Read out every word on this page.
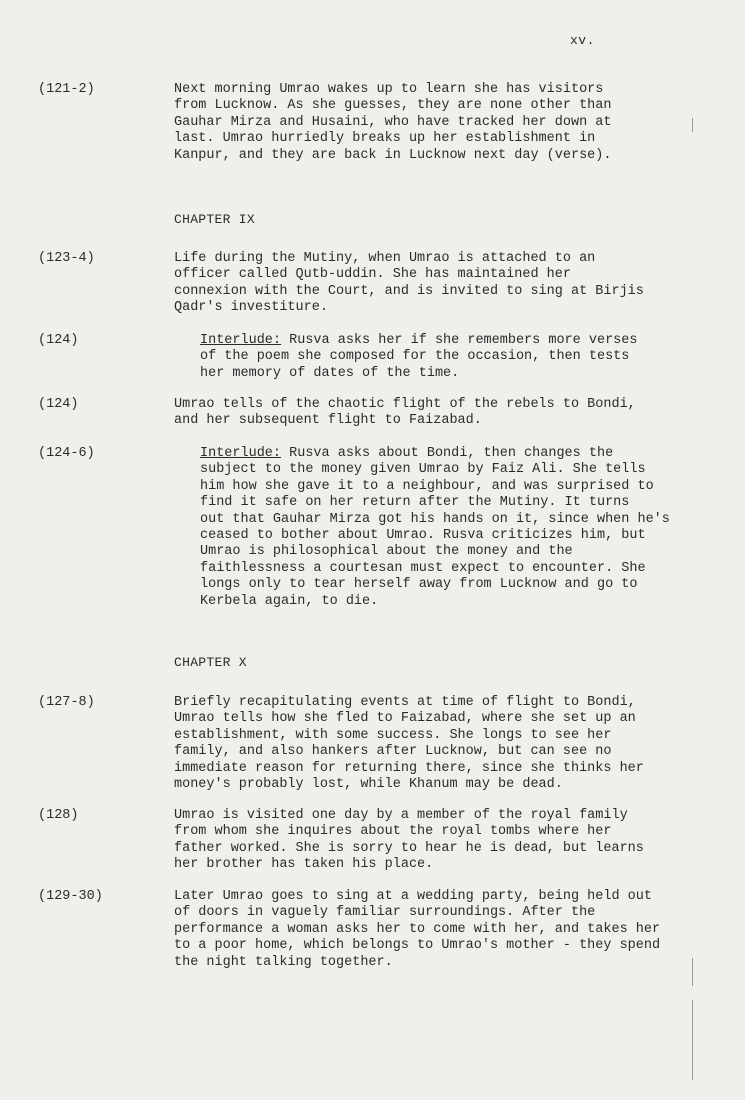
xv.
(121-2)	Next morning Umrao wakes up to learn she has visitors
from Lucknow. As she guesses, they are none other than
Gauhar Mirza and Husaini, who have tracked her down at
last. Umrao hurriedly breaks up her establishment in
Kanpur, and they are back in Lucknow next day (verse).
CHAPTER IX
(123-4)	Life during the Mutiny, when Umrao is attached to an
officer called Qutb-uddin. She has maintained her
connexion with the Court, and is invited to sing at Birjis
Qadr's investiture.
(124)	Interlude: Rusva asks her if she remembers more verses
of the poem she composed for the occasion, then tests
her memory of dates of the time.
(124)	Umrao tells of the chaotic flight of the rebels to Bondi,
and her subsequent flight to Faizabad.
(124-6)	Interlude: Rusva asks about Bondi, then changes the
subject to the money given Umrao by Faiz Ali. She tells
him how she gave it to a neighbour, and was surprised to
find it safe on her return after the Mutiny. It turns
out that Gauhar Mirza got his hands on it, since when he's
ceased to bother about Umrao. Rusva criticizes him, but
Umrao is philosophical about the money and the
faithlessness a courtesan must expect to encounter. She
longs only to tear herself away from Lucknow and go to
Kerbela again, to die.
CHAPTER X
(127-8)	Briefly recapitulating events at time of flight to Bondi,
Umrao tells how she fled to Faizabad, where she set up an
establishment, with some success. She longs to see her
family, and also hankers after Lucknow, but can see no
immediate reason for returning there, since she thinks her
money's probably lost, while Khanum may be dead.
(128)	Umrao is visited one day by a member of the royal family
from whom she inquires about the royal tombs where her
father worked. She is sorry to hear he is dead, but learns
her brother has taken his place.
(129-30)	Later Umrao goes to sing at a wedding party, being held out
of doors in vaguely familiar surroundings. After the
performance a woman asks her to come with her, and takes her
to a poor home, which belongs to Umrao's mother - they spend
the night talking together.
